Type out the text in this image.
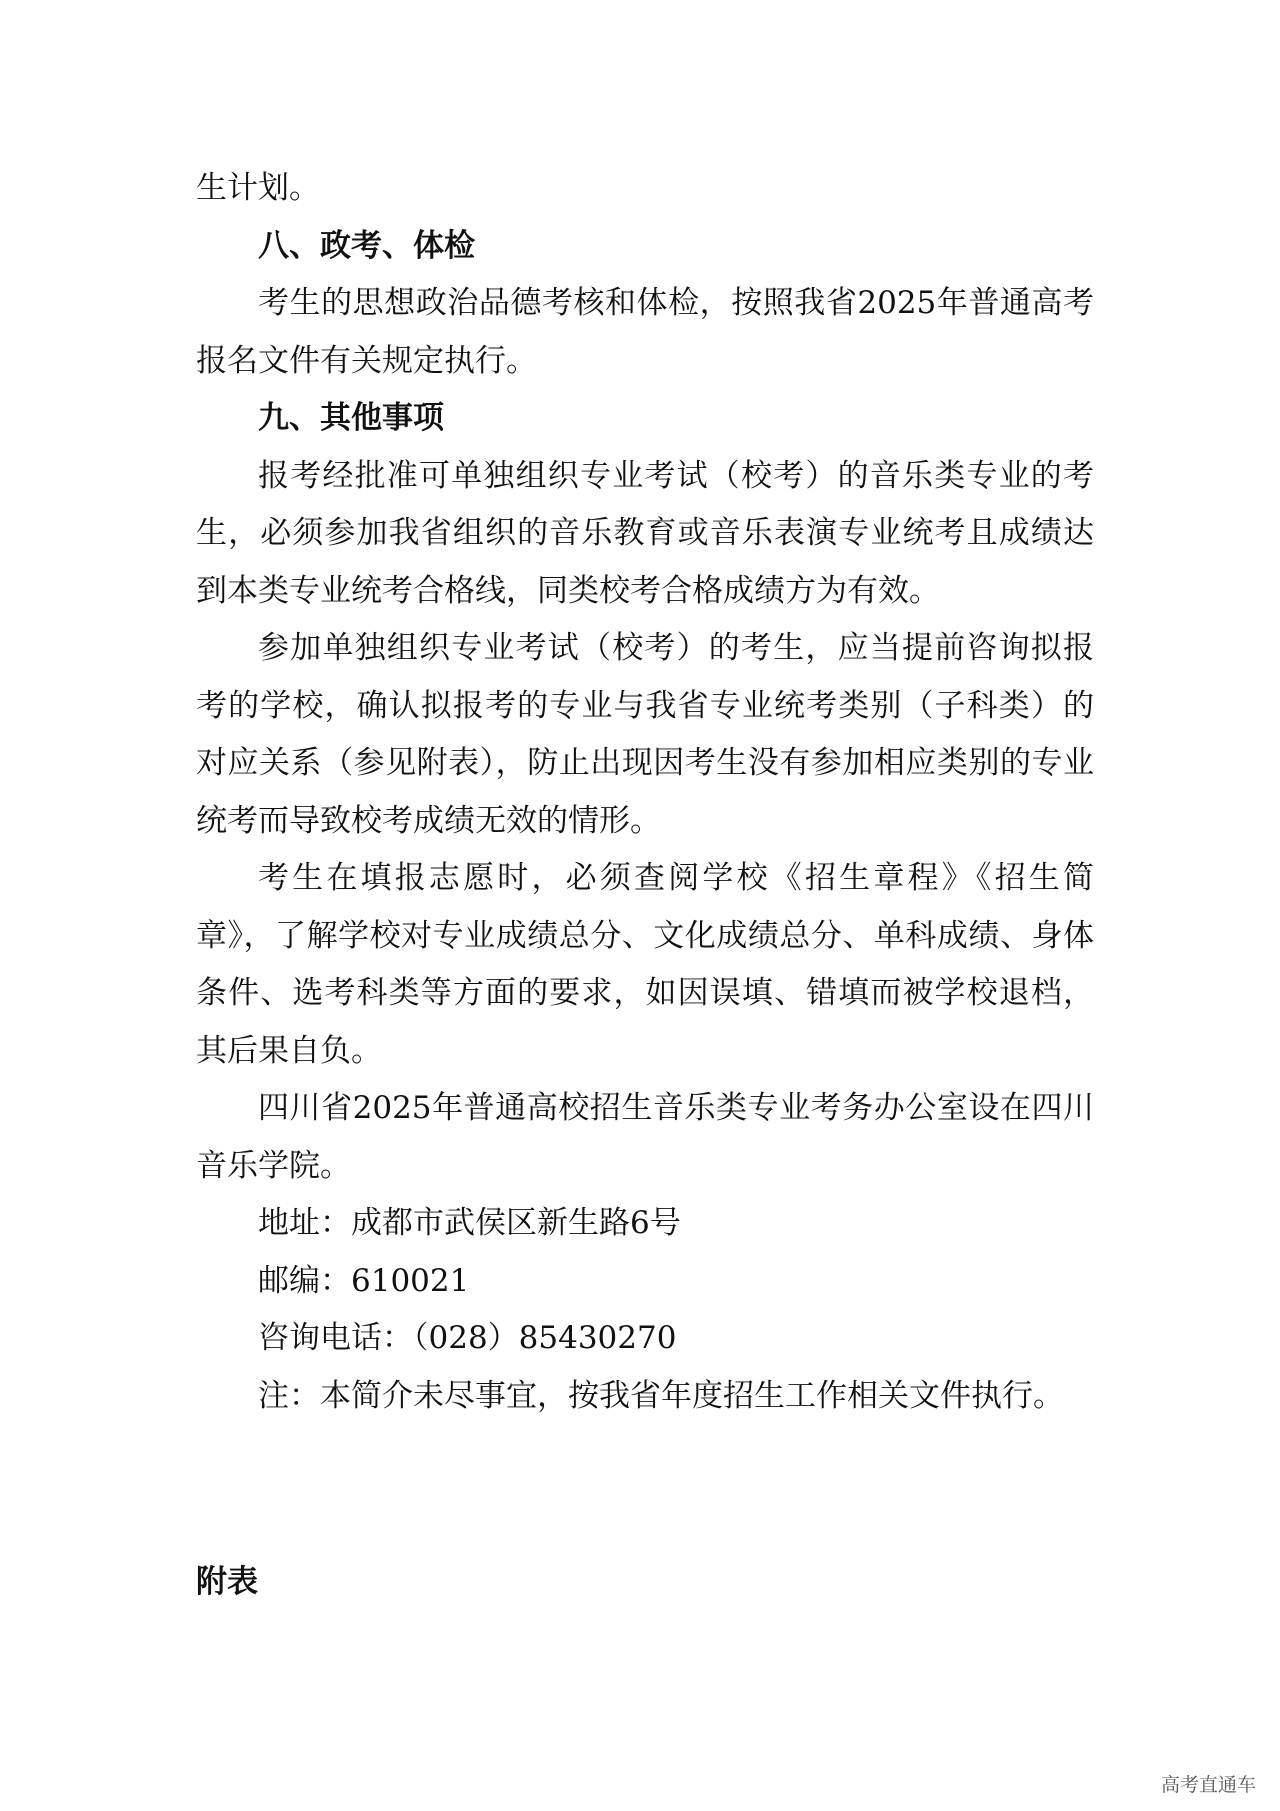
生计划。

八、政考、体检

考生的思想政治品德考核和体检，按照我省2025年普通高考报名文件有关规定执行。

九、其他事项

报考经批准可单独组织专业考试（校考）的音乐类专业的考生，必须参加我省组织的音乐教育或音乐表演专业统考且成绩达到本类专业统考合格线，同类校考合格成绩方为有效。

参加单独组织专业考试（校考）的考生，应当提前咨询拟报考的学校，确认拟报考的专业与我省专业统考类别（子科类）的对应关系（参见附表），防止出现因考生没有参加相应类别的专业统考而导致校考成绩无效的情形。

考生在填报志愿时，必须查阅学校《招生章程》《招生简章》，了解学校对专业成绩总分、文化成绩总分、单科成绩、身体条件、选考科类等方面的要求，如因误填、错填而被学校退档，其后果自负。

四川省2025年普通高校招生音乐类专业考务办公室设在四川音乐学院。

地址：成都市武侯区新生路6号

邮编：610021

咨询电话：（028）85430270

注：本简介未尽事宜，按我省年度招生工作相关文件执行。

附表

高考直通车
